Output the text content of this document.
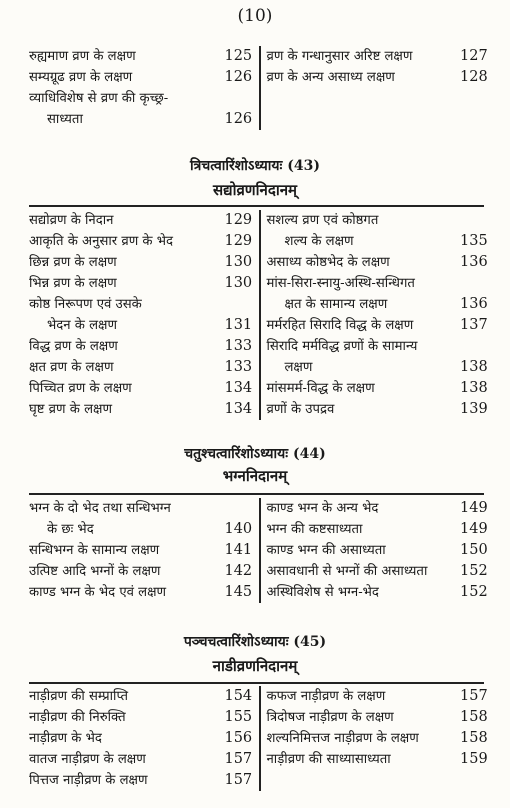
(10)
रुह्यमाण व्रण के लक्षण	125
सम्यग्रूढ व्रण के लक्षण	126
व्याधिविशेष से व्रण की कृच्छ्र-
साध्यता	126
व्रण के गन्धानुसार अरिष्ट लक्षण	127
व्रण के अन्य असाध्य लक्षण	128
त्रिचत्वारिंशोऽध्यायः (43)
सद्योव्रणनिदानम्
सद्योव्रण के निदान	129
आकृति के अनुसार व्रण के भेद	129
छिन्न व्रण के लक्षण	130
भिन्न व्रण के लक्षण	130
कोष्ठ निरूपण एवं उसके
भेदन के लक्षण	131
विद्ध व्रण के लक्षण	133
क्षत व्रण के लक्षण	133
पिच्चित व्रण के लक्षण	134
घृष्ट व्रण के लक्षण	134
सशल्य व्रण एवं कोष्ठगत
शल्य के लक्षण	135
असाध्य कोष्ठभेद के लक्षण	136
मांस-सिरा-स्नायु-अस्थि-सन्धिगत
क्षत के सामान्य लक्षण	136
मर्मरहित सिरादि विद्ध के लक्षण	137
सिरादि मर्मविद्ध व्रणों के सामान्य
लक्षण	138
मांसमर्म-विद्ध के लक्षण	138
व्रणों के उपद्रव	139
चतुश्चत्वारिंशोऽध्यायः (44)
भग्ननिदानम्
भग्न के दो भेद तथा सन्धिभग्न
के छः भेद	140
सन्धिभग्न के सामान्य लक्षण	141
उत्पिष्ट आदि भग्नों के लक्षण	142
काण्ड भग्न के भेद एवं लक्षण	145
काण्ड भग्न के अन्य भेद	149
भग्न की कष्टसाध्यता	149
काण्ड भग्न की असाध्यता	150
असावधानी से भग्नों की असाध्यता	152
अस्थिविशेष से भग्न-भेद	152
पञ्चचत्वारिंशोऽध्यायः (45)
नाडीव्रणनिदानम्
नाड़ीव्रण की सम्प्राप्ति	154
नाड़ीव्रण की निरुक्ति	155
नाड़ीव्रण के भेद	156
वातज नाड़ीव्रण के लक्षण	157
पित्तज नाड़ीव्रण के लक्षण	157
कफज नाड़ीव्रण के लक्षण	157
त्रिदोषज नाड़ीव्रण के लक्षण	158
शल्यनिमित्तज नाड़ीव्रण के लक्षण	158
नाड़ीव्रण की साध्यासाध्यता	159
